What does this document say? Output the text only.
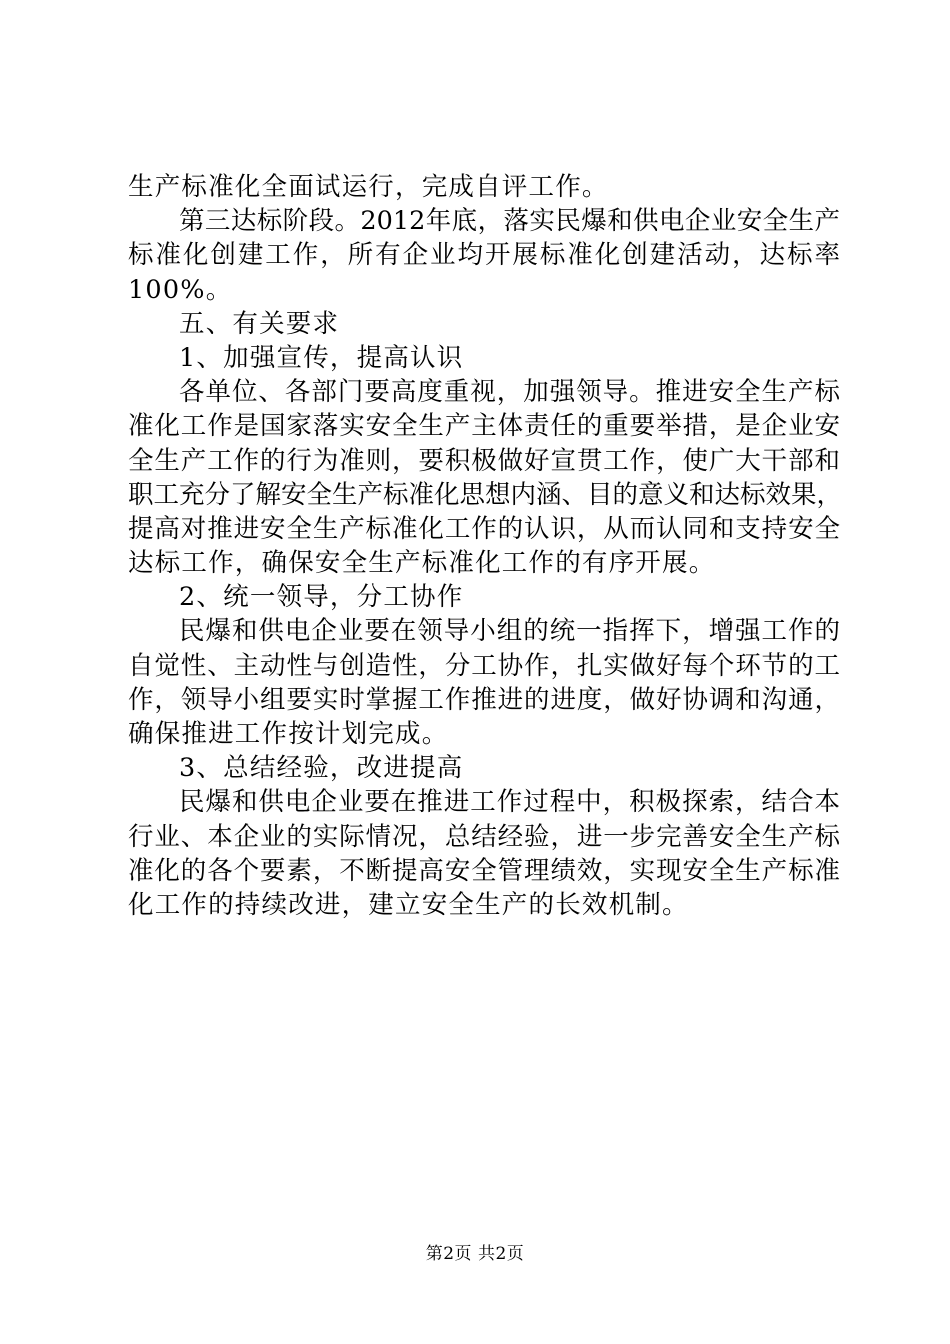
生产标准化全面试运行，完成自评工作。
第三达标阶段。2012年底，落实民爆和供电企业安全生产
标准化创建工作，所有企业均开展标准化创建活动，达标率
100%。
五、有关要求
1、加强宣传，提高认识
各单位、各部门要高度重视，加强领导。推进安全生产标
准化工作是国家落实安全生产主体责任的重要举措，是企业安
全生产工作的行为准则，要积极做好宣贯工作，使广大干部和
职工充分了解安全生产标准化思想内涵、目的意义和达标效果，
提高对推进安全生产标准化工作的认识，从而认同和支持安全
达标工作，确保安全生产标准化工作的有序开展。
2、统一领导，分工协作
民爆和供电企业要在领导小组的统一指挥下，增强工作的
自觉性、主动性与创造性，分工协作，扎实做好每个环节的工
作，领导小组要实时掌握工作推进的进度，做好协调和沟通，
确保推进工作按计划完成。
3、总结经验，改进提高
民爆和供电企业要在推进工作过程中，积极探索，结合本
行业、本企业的实际情况，总结经验，进一步完善安全生产标
准化的各个要素，不断提高安全管理绩效，实现安全生产标准
化工作的持续改进，建立安全生产的长效机制。
第2页 共2页
